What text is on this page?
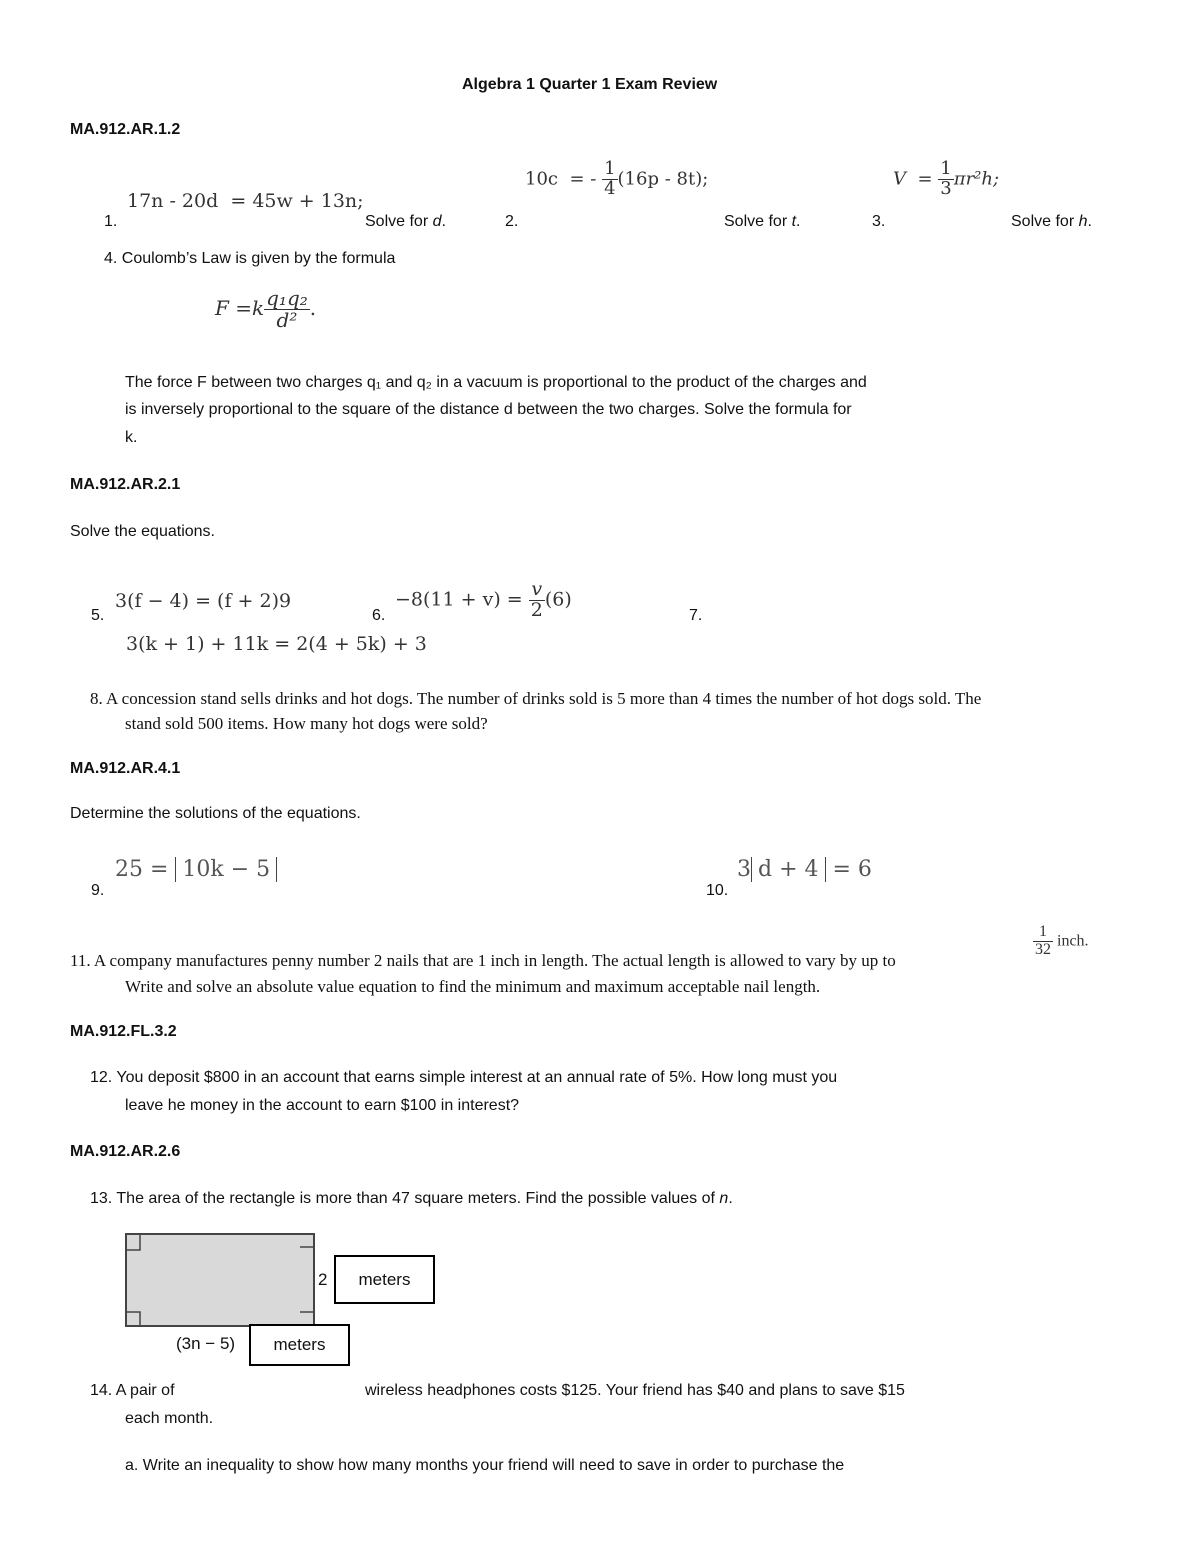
Algebra 1 Quarter 1 Exam Review
MA.912.AR.1.2
17n - 20d = 45w + 13n;
1.	Solve for d.
10c = - $\frac{1}{4} (16p - 8t)$;
2.	Solve for t.
$V = \frac{1}{3} \pi r^2h$;
3.	Solve for h.
4. Coulomb’s Law is given by the formula
$F =k \frac{\text{q₁q₂}}{\text{d²}}$ .
The force F between two charges q₁ and q₂ in a vacuum is proportional to the product of the charges and
is inversely proportional to the square of the distance d between the two charges. Solve the formula for
k.
MA.912.AR.2.1
Solve the equations.
5.
3(f − 4) = (f + 2)9
6.
$-8(11 + v) = \frac{v}{2} (6)$
7.
3(k + 1) + 11k = 2(4 + 5k) + 3
8. A concession stand sells drinks and hot dogs. The number of drinks sold is 5 more than 4 times the number of hot dogs sold. The
stand sold 500 items. How many hot dogs were sold?
MA.912.AR.4.1
Determine the solutions of the equations.
9.
25 = 10k − 5
10.
3 d + 4 = 6
11. A company manufactures penny number 2 nails that are 1 inch in length. The actual length is allowed to vary by up to
$\frac{1}{32}$ inch.
Write and solve an absolute value equation to find the minimum and maximum acceptable nail length.
MA.912.FL.3.2
12. You deposit $800 in an account that earns simple interest at an annual rate of 5%. How long must you
leave he money in the account to earn $100 in interest?
MA.912.AR.2.6
13. The area of the rectangle is more than 47 square meters. Find the possible values of n.
2	meters
(3n − 5)	meters
14. A pair of	wireless headphones costs $125. Your friend has $40 and plans to save $15
each month.
a. Write an inequality to show how many months your friend will need to save in order to purchase the
